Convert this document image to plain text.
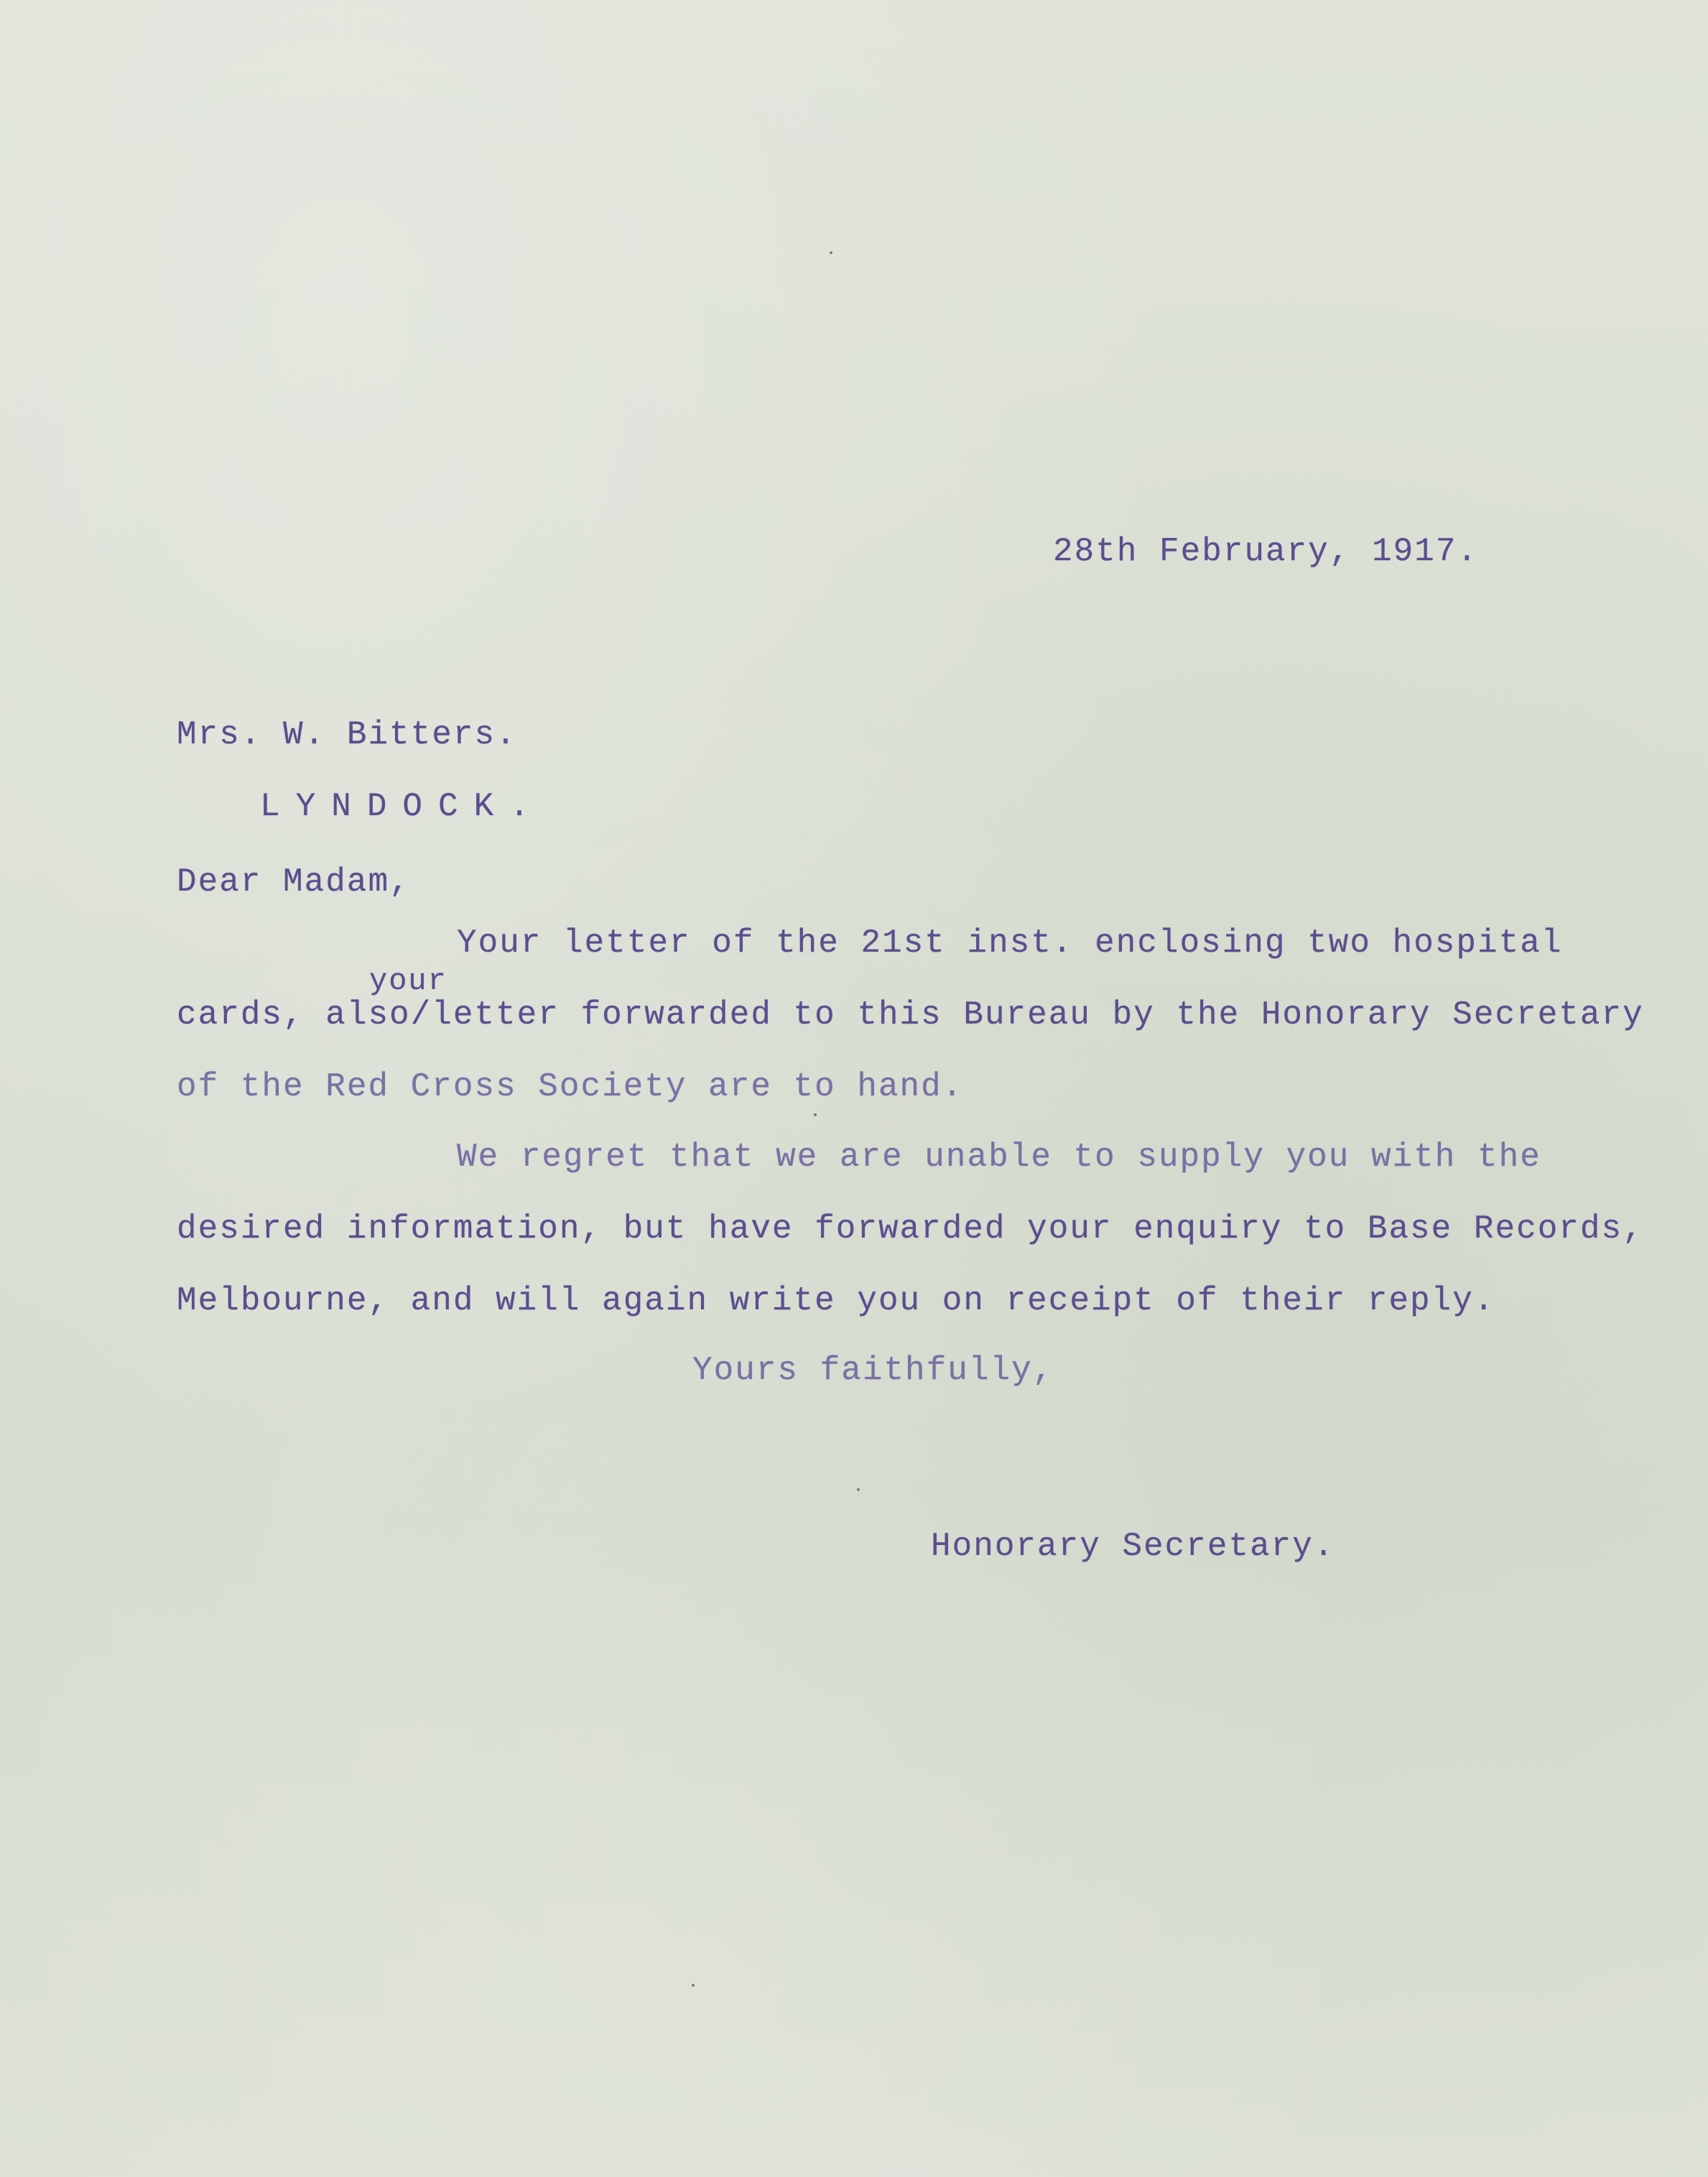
28th February, 1917.
Mrs. W. Bitters.
LYNDOCK.
Dear Madam,
Your letter of the 21st inst. enclosing two hospital
your
cards, also/letter forwarded to this Bureau by the Honorary Secretary
of the Red Cross Society are to hand.
We regret that we are unable to supply you with the
desired information, but have forwarded your enquiry to Base Records,
Melbourne, and will again write you on receipt of their reply.
Yours faithfully,
Honorary Secretary.
